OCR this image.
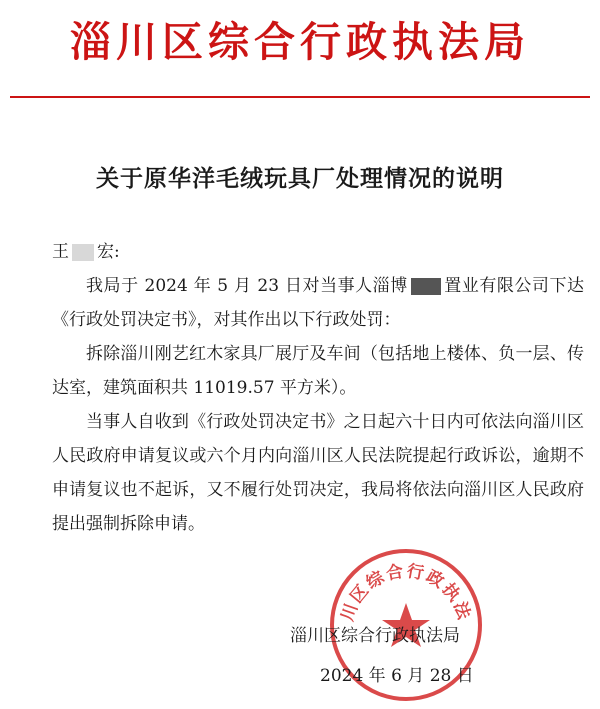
淄川区综合行政执法局
关于原华洋毛绒玩具厂处理情况的说明
王 宏:

我局于 2024 年 5 月 23 日对当事人淄博 置业有限公司下达《行政处罚决定书》，对其作出以下行政处罚：

拆除淄川刚艺红木家具厂展厅及车间（包括地上楼体、负一层、传达室，建筑面积共 11019.57 平方米）。

当事人自收到《行政处罚决定书》之日起六十日内可依法向淄川区人民政府申请复议或六个月内向淄川区人民法院提起行政诉讼，逾期不申请复议也不起诉，又不履行处罚决定，我局将依法向淄川区人民政府提出强制拆除申请。

川区综合行政执法
淄川区综合行政执法局
2024 年 6 月 28 日
